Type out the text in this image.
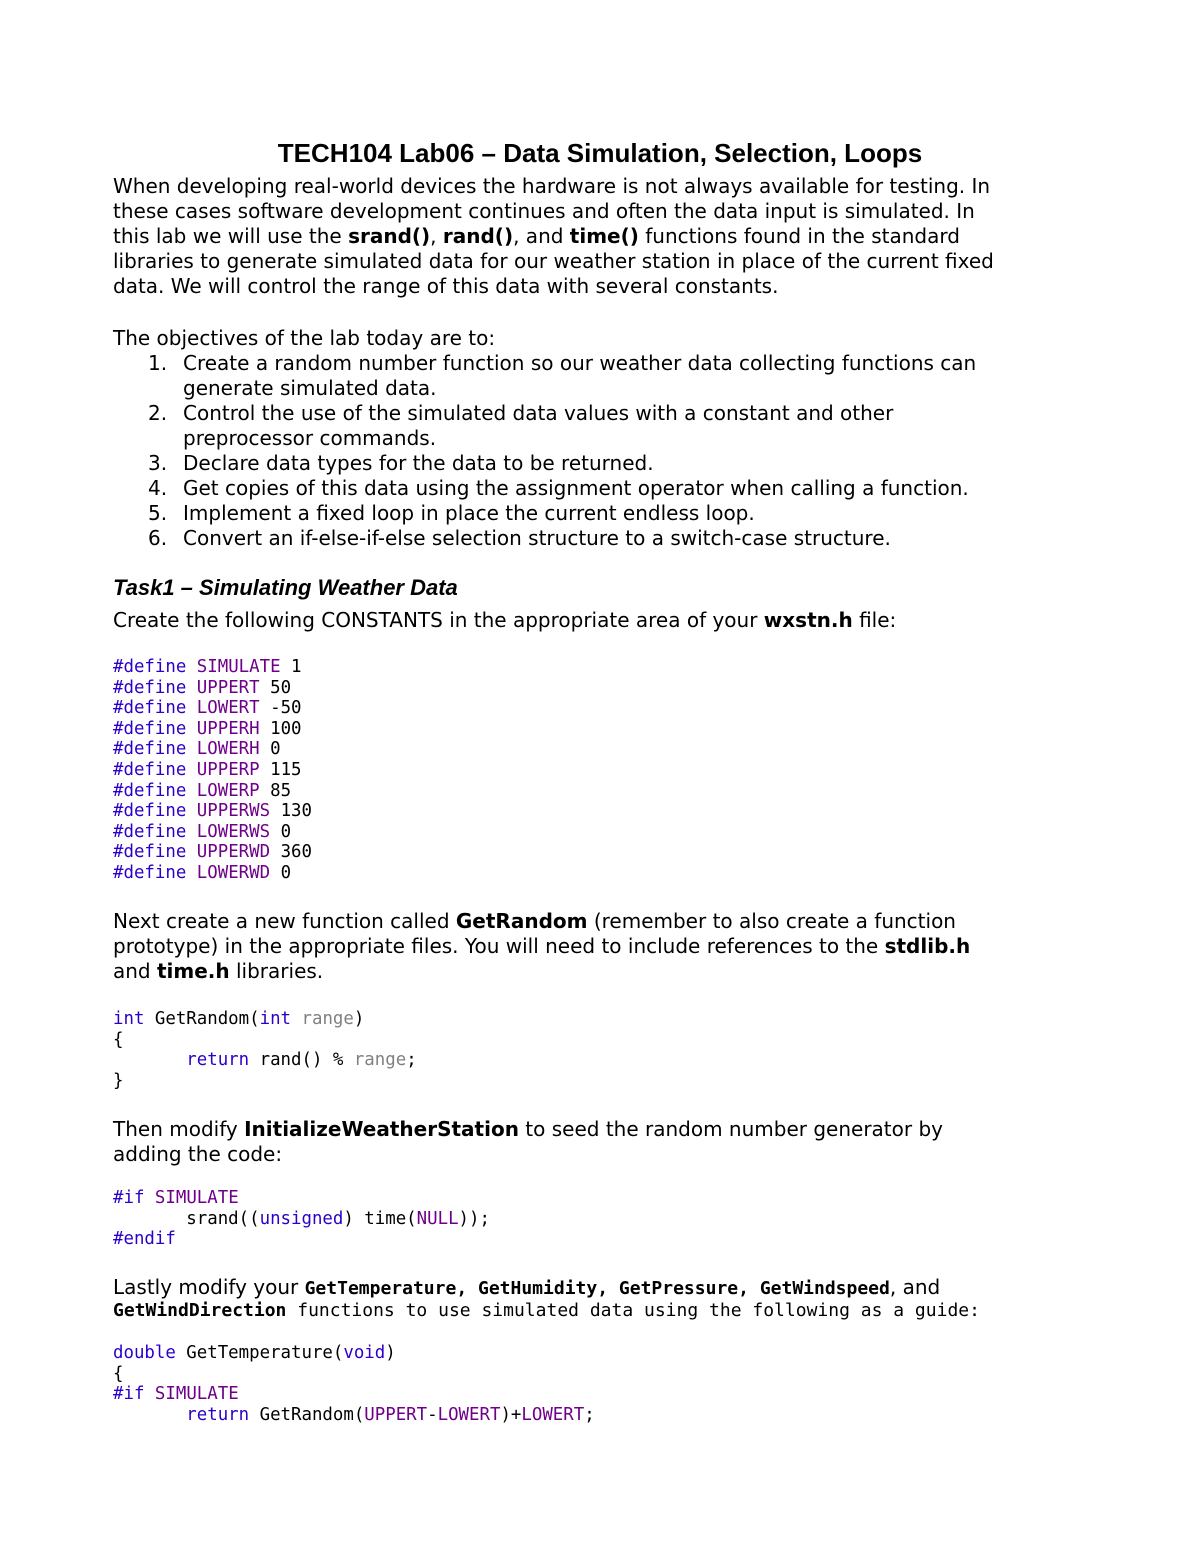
TECH104 Lab06 – Data Simulation, Selection, Loops
When developing real-world devices the hardware is not always available for testing. In
these cases software development continues and often the data input is simulated. In
this lab we will use the srand(), rand(), and time() functions found in the standard
libraries to generate simulated data for our weather station in place of the current fixed
data. We will control the range of this data with several constants.
The objectives of the lab today are to:
1. Create a random number function so our weather data collecting functions can
generate simulated data.
2. Control the use of the simulated data values with a constant and other
preprocessor commands.
3. Declare data types for the data to be returned.
4. Get copies of this data using the assignment operator when calling a function.
5. Implement a fixed loop in place the current endless loop.
6. Convert an if-else-if-else selection structure to a switch-case structure.
Task1 – Simulating Weather Data
Create the following CONSTANTS in the appropriate area of your wxstn.h file:
#define SIMULATE 1
#define UPPERT 50
#define LOWERT -50
#define UPPERH 100
#define LOWERH 0
#define UPPERP 115
#define LOWERP 85
#define UPPERWS 130
#define LOWERWS 0
#define UPPERWD 360
#define LOWERWD 0
Next create a new function called GetRandom (remember to also create a function
prototype) in the appropriate files. You will need to include references to the stdlib.h
and time.h libraries.
int GetRandom(int range)
{
return rand() % range;
}
Then modify InitializeWeatherStation to seed the random number generator by
adding the code:
#if SIMULATE
srand((unsigned) time(NULL));
#endif
Lastly modify your GetTemperature, GetHumidity, GetPressure, GetWindspeed, and
GetWindDirection functions to use simulated data using the following as a guide:
double GetTemperature(void)
{
#if SIMULATE
return GetRandom(UPPERT-LOWERT)+LOWERT;
